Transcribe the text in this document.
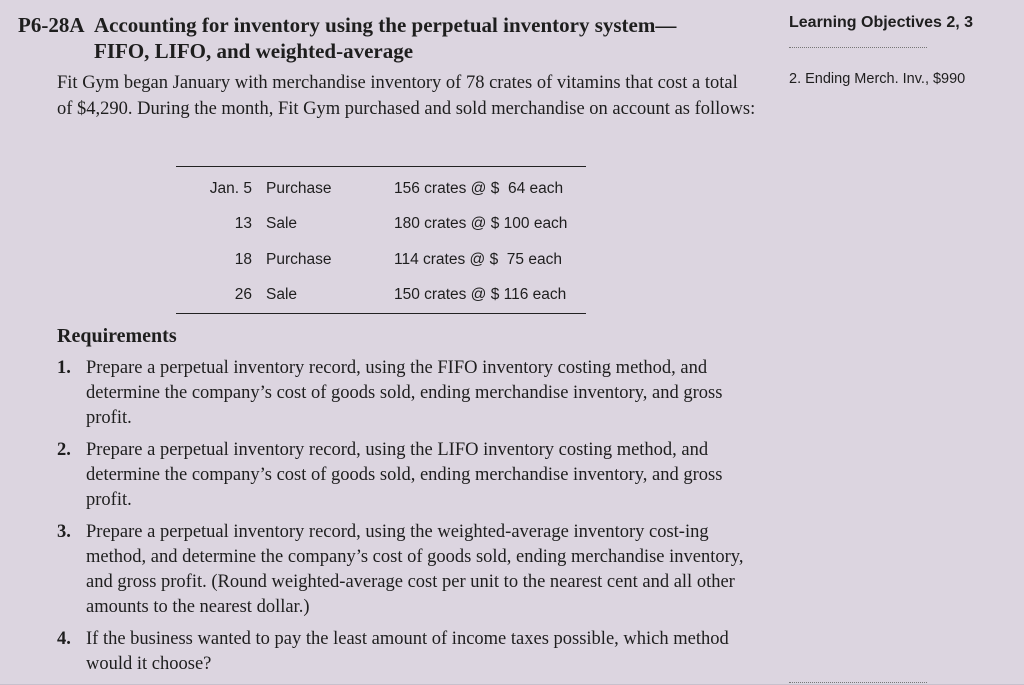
P6-28A Accounting for inventory using the perpetual inventory system—
FIFO, LIFO, and weighted-average
Fit Gym began January with merchandise inventory of 78 crates of vitamins that cost a total of $4,290. During the month, Fit Gym purchased and sold merchandise on account as follows:
Jan. 5	Purchase	156 crates @ $  64 each
13	Sale	180 crates @ $ 100 each
18	Purchase	114 crates @ $  75 each
26	Sale	150 crates @ $ 116 each
Requirements
1. Prepare a perpetual inventory record, using the FIFO inventory costing method, and determine the company’s cost of goods sold, ending merchandise inventory, and gross profit.
2. Prepare a perpetual inventory record, using the LIFO inventory costing method, and determine the company’s cost of goods sold, ending merchandise inventory, and gross profit.
3. Prepare a perpetual inventory record, using the weighted-average inventory cost-ing method, and determine the company’s cost of goods sold, ending merchandise inventory, and gross profit. (Round weighted-average cost per unit to the nearest cent and all other amounts to the nearest dollar.)
4. If the business wanted to pay the least amount of income taxes possible, which method would it choose?
Learning Objectives 2, 3
2. Ending Merch. Inv., $990
